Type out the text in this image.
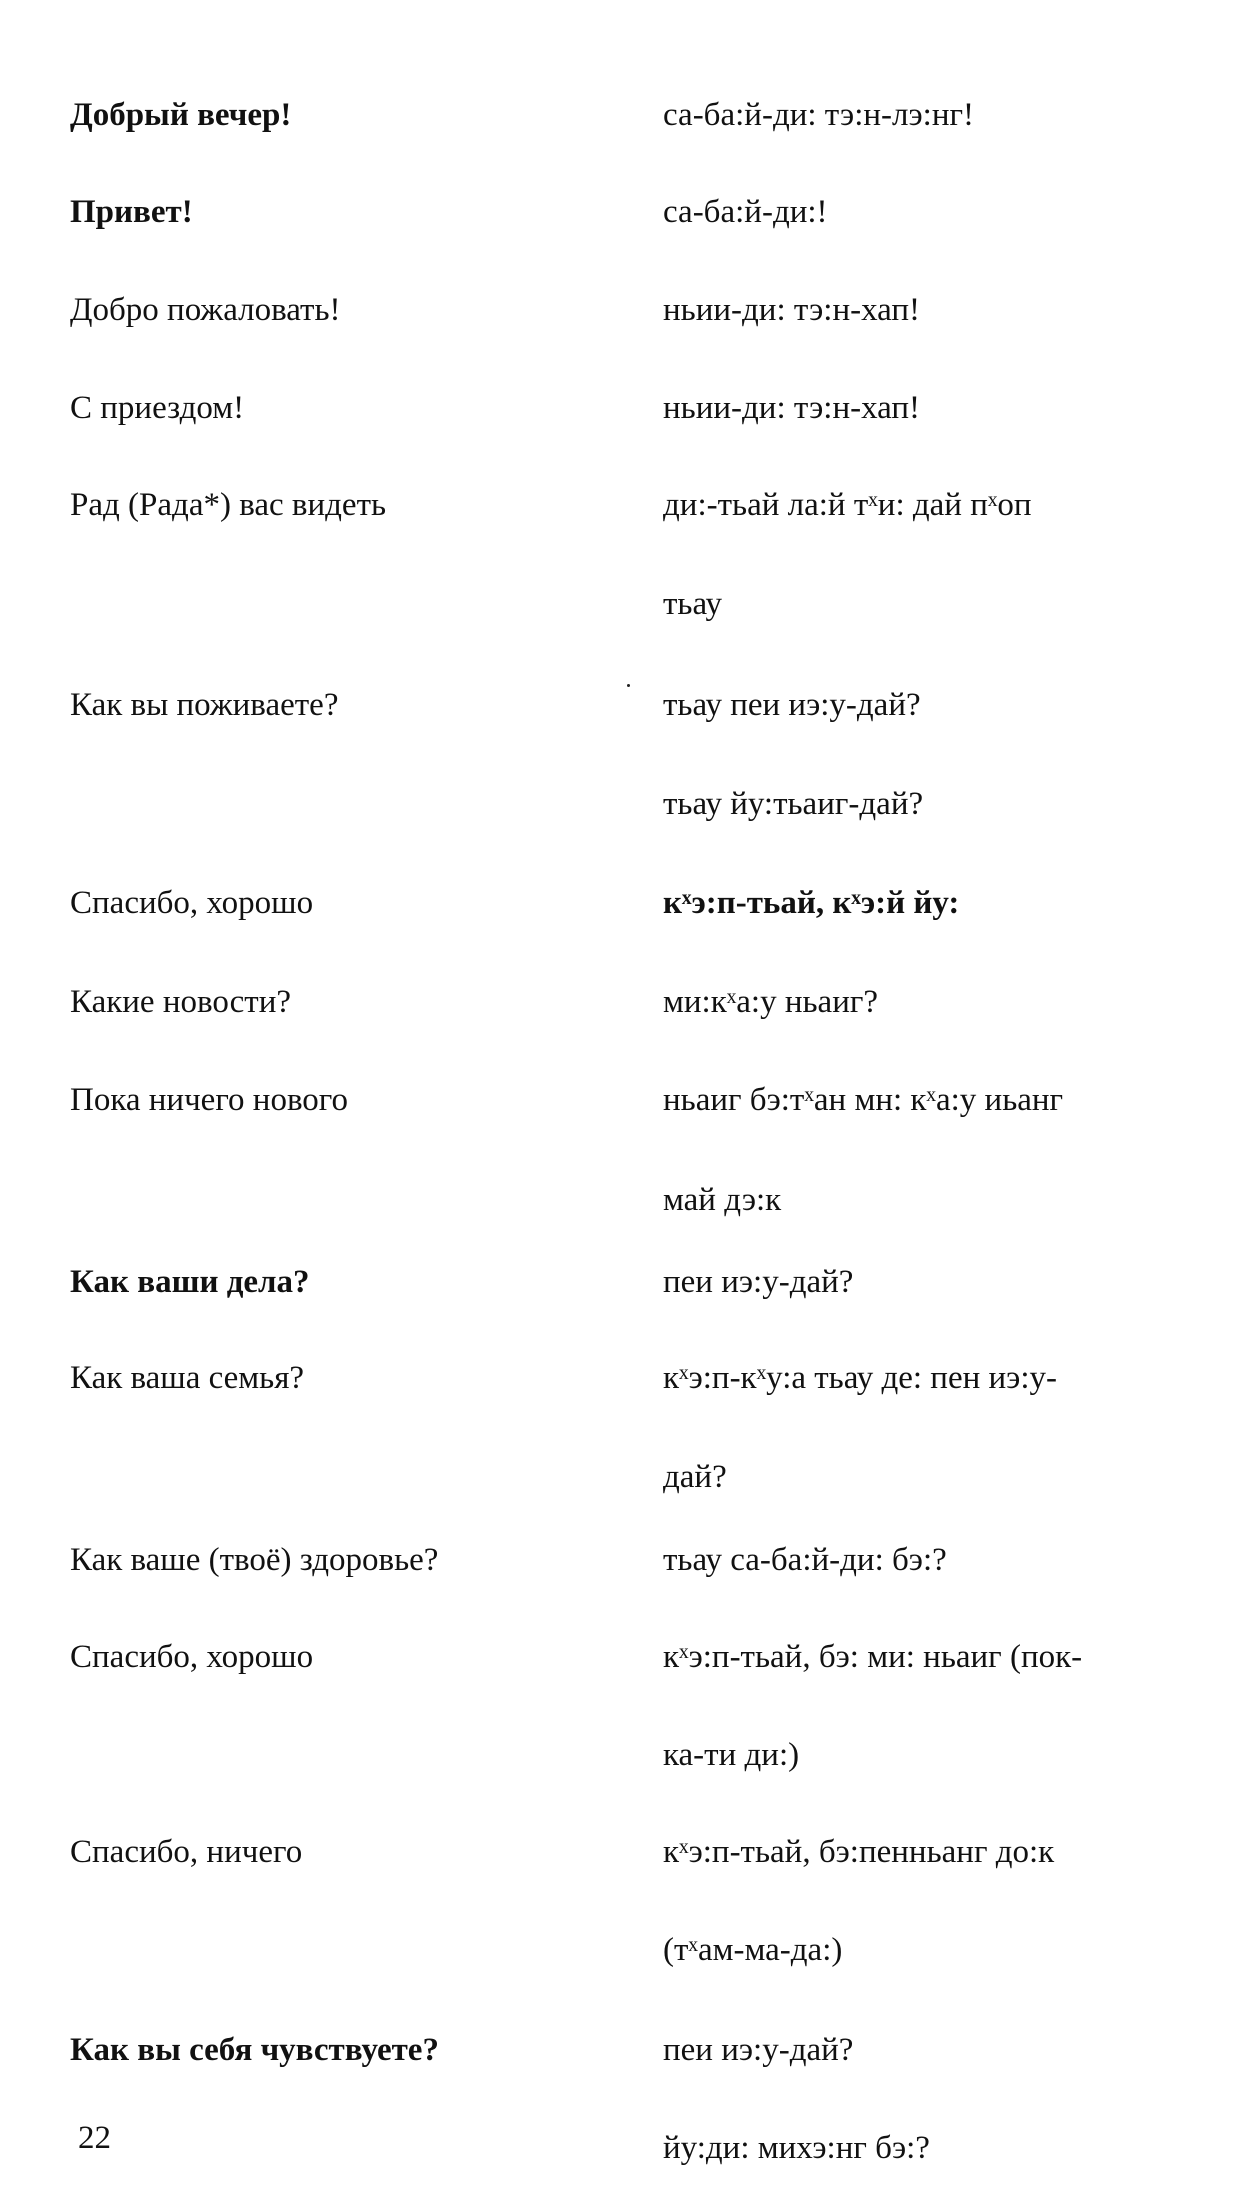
Добрый вечер!	са-ба:й-ди: тэ:н-лэ:нг!
Привет!	са-ба:й-ди:!
Добро пожаловать!	ньии-ди: тэ:н-хап!
С приездом!	ньии-ди: тэ:н-хап!
Рад (Рада*) вас видеть	ди:-тьай ла:й тˣи: дай пˣоп
тьау
Как вы поживаете?	тьау пеи иэ:у-дай?
тьау йу:тьаиг-дай?
Спасибо, хорошо	кˣэ:п-тьай, кˣэ:й йу:
Какие новости?	ми:кˣа:у ньаиг?
Пока ничего нового	ньаиг бэ:тˣан мн: кˣа:у иьанг
май дэ:к
Как ваши дела?	пеи иэ:у-дай?
Как ваша семья?	кˣэ:п-кˣу:а тьау де: пен иэ:у-
дай?
Как ваше (твоё) здоровье?	тьау са-ба:й-ди: бэ:?
Спасибо, хорошо	кˣэ:п-тьай, бэ: ми: ньаиг (пок-
ка-ти ди:)
Спасибо, ничего	кˣэ:п-тьай, бэ:пенньанг до:к
(тˣам-ма-да:)
Как вы себя чувствуете?	пеи иэ:у-дай?
йу:ди: михэ:нг бэ:?
22
